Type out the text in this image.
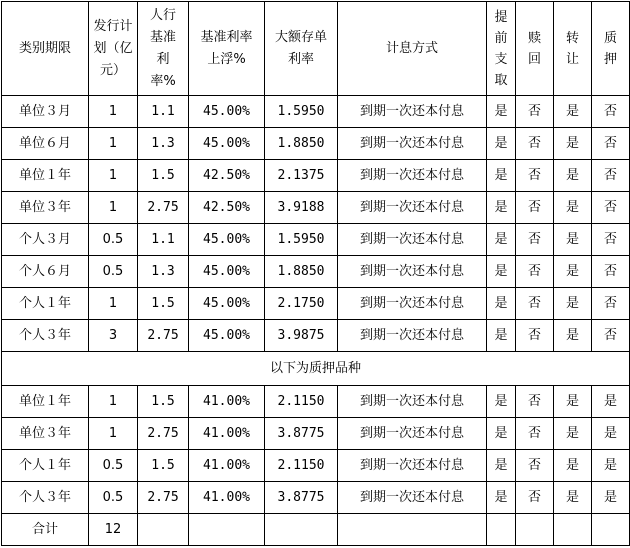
类别期限	发行计划（亿元）	人行基准利率%	基准利率上浮%	大额存单利率	计息方式	提前支取	赎回	转让	质押
单位３月	1	1.1	45.00%	1.5950	到期一次还本付息	是	否	是	否
单位６月	1	1.3	45.00%	1.8850	到期一次还本付息	是	否	是	否
单位１年	1	1.5	42.50%	2.1375	到期一次还本付息	是	否	是	否
单位３年	1	2.75	42.50%	3.9188	到期一次还本付息	是	否	是	否
个人３月	0.5	1.1	45.00%	1.5950	到期一次还本付息	是	否	是	否
个人６月	0.5	1.3	45.00%	1.8850	到期一次还本付息	是	否	是	否
个人１年	1	1.5	45.00%	2.1750	到期一次还本付息	是	否	是	否
个人３年	3	2.75	45.00%	3.9875	到期一次还本付息	是	否	是	否
以下为质押品种									
单位１年	1	1.5	41.00%	2.1150	到期一次还本付息	是	否	是	是
单位３年	1	2.75	41.00%	3.8775	到期一次还本付息	是	否	是	是
个人１年	0.5	1.5	41.00%	2.1150	到期一次还本付息	是	否	是	是
个人３年	0.5	2.75	41.00%	3.8775	到期一次还本付息	是	否	是	是
合计	12								
